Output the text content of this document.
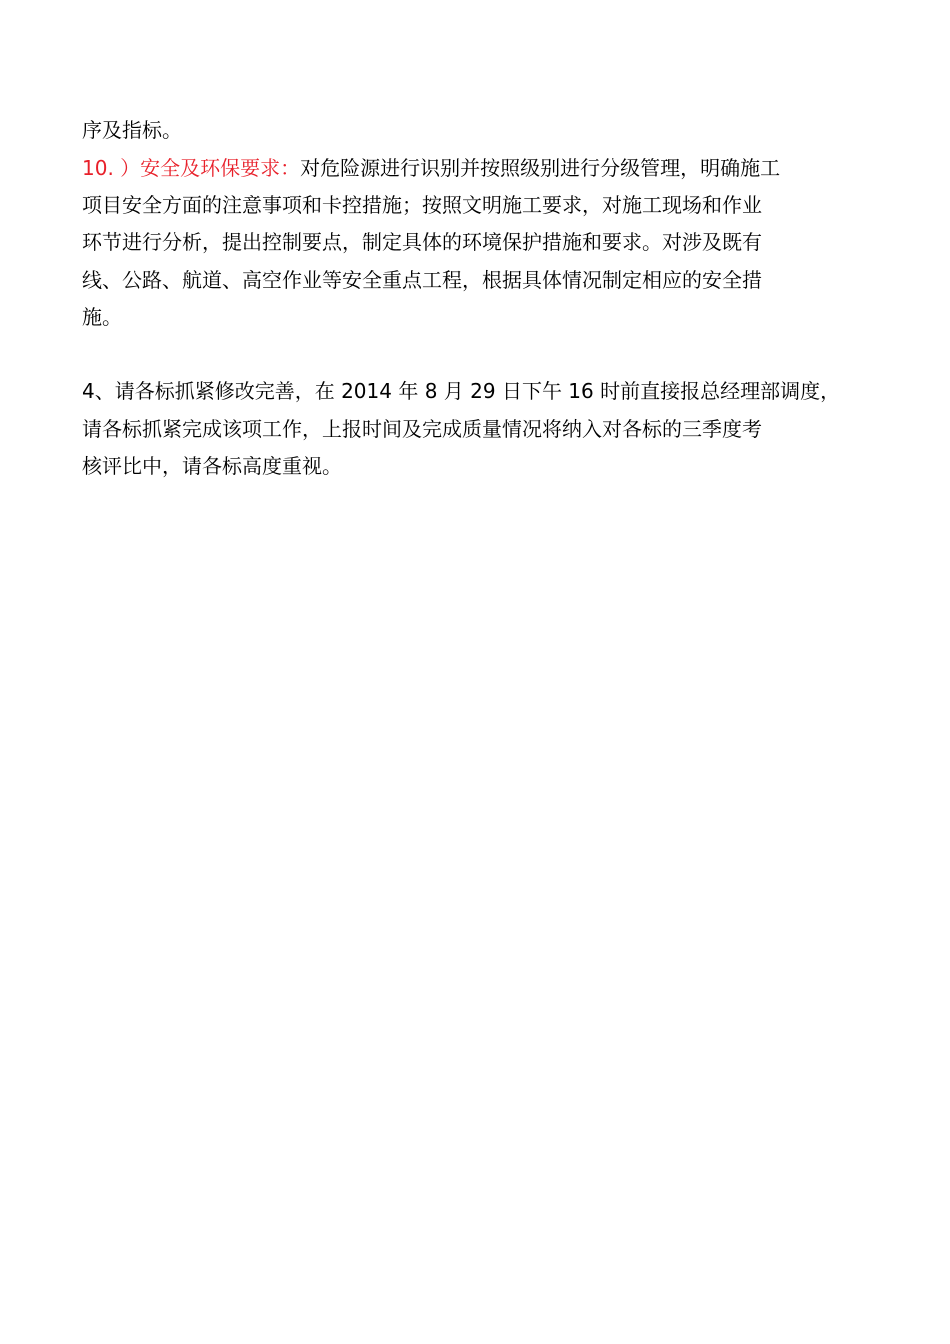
序及指标。
10. ）安全及环保要求：对危险源进行识别并按照级别进行分级管理，明确施工
项目安全方面的注意事项和卡控措施；按照文明施工要求，对施工现场和作业
环节进行分析，提出控制要点，制定具体的环境保护措施和要求。对涉及既有
线、公路、航道、高空作业等安全重点工程，根据具体情况制定相应的安全措
施。
4、请各标抓紧修改完善，在 2014 年 8 月 29 日下午 16 时前直接报总经理部调度，
请各标抓紧完成该项工作，上报时间及完成质量情况将纳入对各标的三季度考
核评比中，请各标高度重视。
